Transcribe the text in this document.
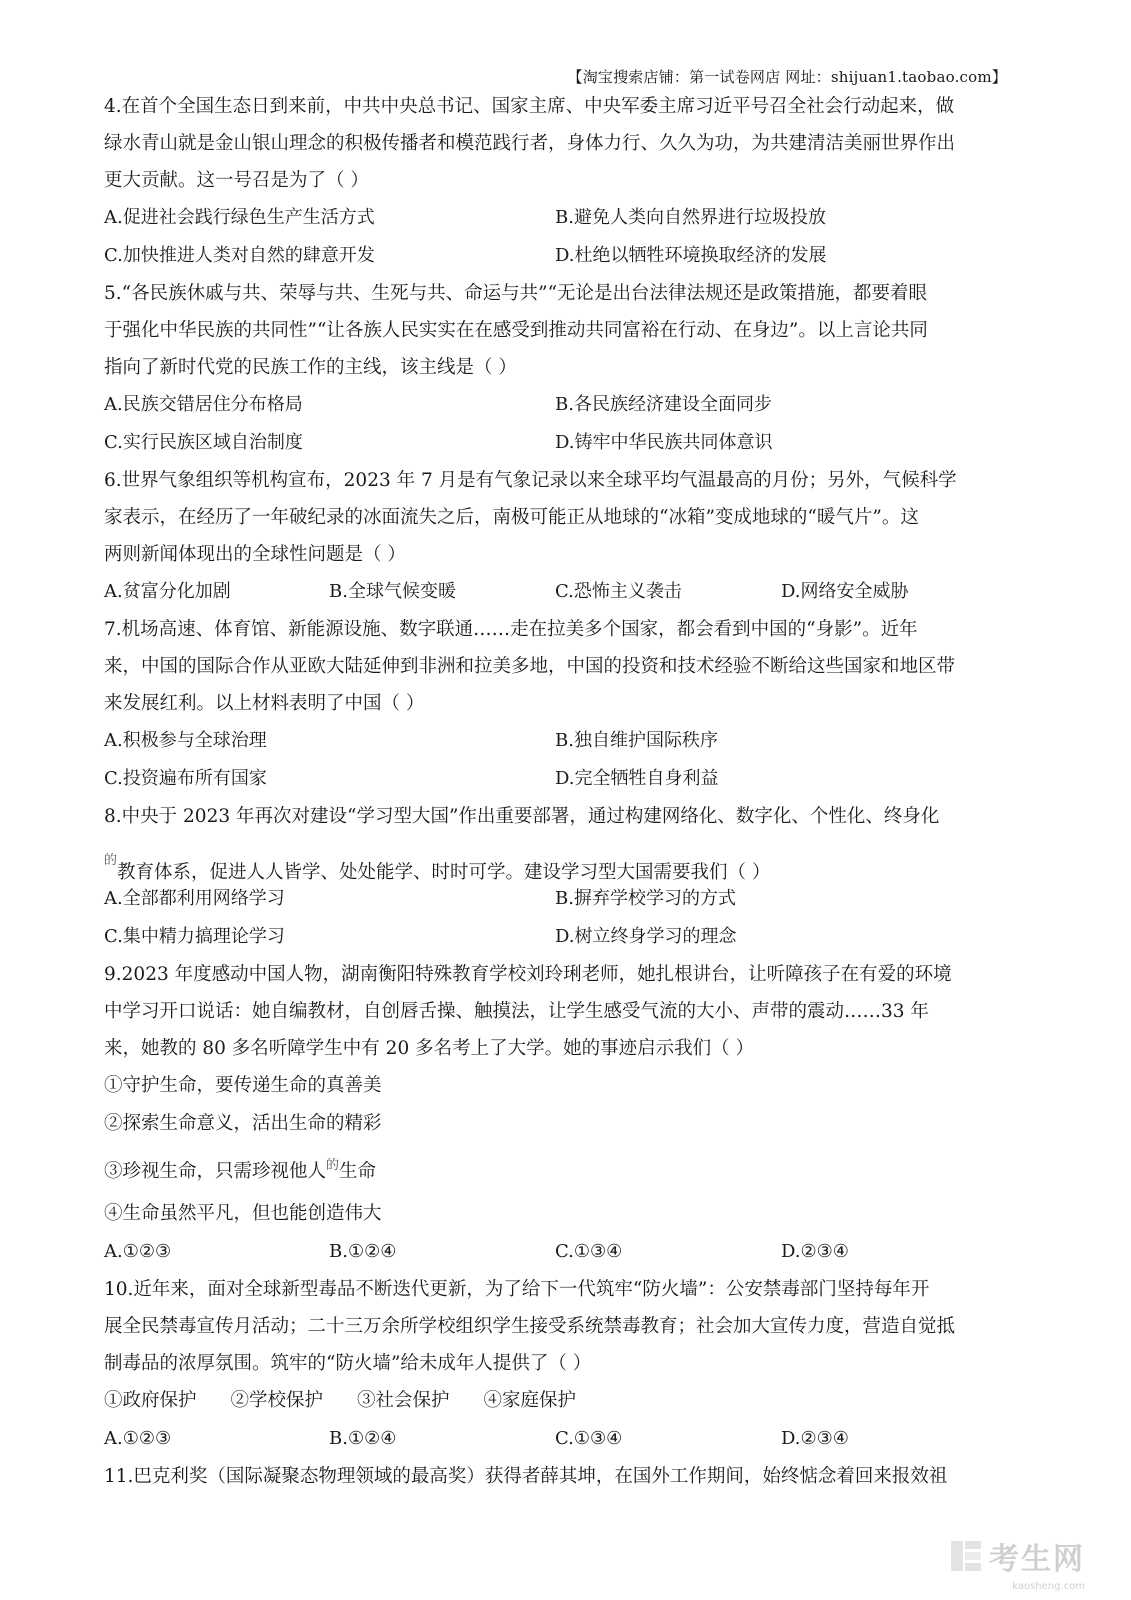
【淘宝搜索店铺：第一试卷网店 网址：shijuan1.taobao.com】
4.在首个全国生态日到来前，中共中央总书记、国家主席、中央军委主席习近平号召全社会行动起来，做
绿水青山就是金山银山理念的积极传播者和模范践行者，身体力行、久久为功，为共建清洁美丽世界作出
更大贡献。这一号召是为了（ ）
A.促进社会践行绿色生产生活方式	B.避免人类向自然界进行垃圾投放
C.加快推进人类对自然的肆意开发	D.杜绝以牺牲环境换取经济的发展
5.“各民族休戚与共、荣辱与共、生死与共、命运与共”“无论是出台法律法规还是政策措施，都要着眼
于强化中华民族的共同性”“让各族人民实实在在感受到推动共同富裕在行动、在身边”。以上言论共同
指向了新时代党的民族工作的主线，该主线是（ ）
A.民族交错居住分布格局	B.各民族经济建设全面同步
C.实行民族区域自治制度	D.铸牢中华民族共同体意识
6.世界气象组织等机构宣布，2023 年 7 月是有气象记录以来全球平均气温最高的月份；另外，气候科学
家表示，在经历了一年破纪录的冰面流失之后，南极可能正从地球的“冰箱”变成地球的“暖气片”。这
两则新闻体现出的全球性问题是（ ）
A.贫富分化加剧	B.全球气候变暖	C.恐怖主义袭击	D.网络安全威胁
7.机场高速、体育馆、新能源设施、数字联通……走在拉美多个国家，都会看到中国的“身影”。近年
来，中国的国际合作从亚欧大陆延伸到非洲和拉美多地，中国的投资和技术经验不断给这些国家和地区带
来发展红利。以上材料表明了中国（ ）
A.积极参与全球治理	B.独自维护国际秩序
C.投资遍布所有国家	D.完全牺牲自身利益
8.中央于 2023 年再次对建设“学习型大国”作出重要部署，通过构建网络化、数字化、个性化、终身化
$^的$教育体系，促进人人皆学、处处能学、时时可学。建设学习型大国需要我们（ ）
A.全部都利用网络学习	B.摒弃学校学习的方式
C.集中精力搞理论学习	D.树立终身学习的理念
9.2023 年度感动中国人物，湖南衡阳特殊教育学校刘玲琍老师，她扎根讲台，让听障孩子在有爱的环境
中学习开口说话：她自编教材，自创唇舌操、触摸法，让学生感受气流的大小、声带的震动……33 年
来，她教的 80 多名听障学生中有 20 多名考上了大学。她的事迹启示我们（ ）
①守护生命，要传递生命的真善美
②探索生命意义，活出生命的精彩
③珍视生命，只需珍视他人$^的$生命
④生命虽然平凡，但也能创造伟大
A.①②③	B.①②④	C.①③④	D.②③④
10.近年来，面对全球新型毒品不断迭代更新，为了给下一代筑牢“防火墙”：公安禁毒部门坚持每年开
展全民禁毒宣传月活动；二十三万余所学校组织学生接受系统禁毒教育；社会加大宣传力度，营造自觉抵
制毒品的浓厚氛围。筑牢的“防火墙”给未成年人提供了（ ）
①政府保护 ②学校保护 ③社会保护 ④家庭保护
A.①②③	B.①②④	C.①③④	D.②③④
11.巴克利奖（国际凝聚态物理领域的最高奖）获得者薛其坤，在国外工作期间，始终惦念着回来报效祖
考生网
kaosheng.com
